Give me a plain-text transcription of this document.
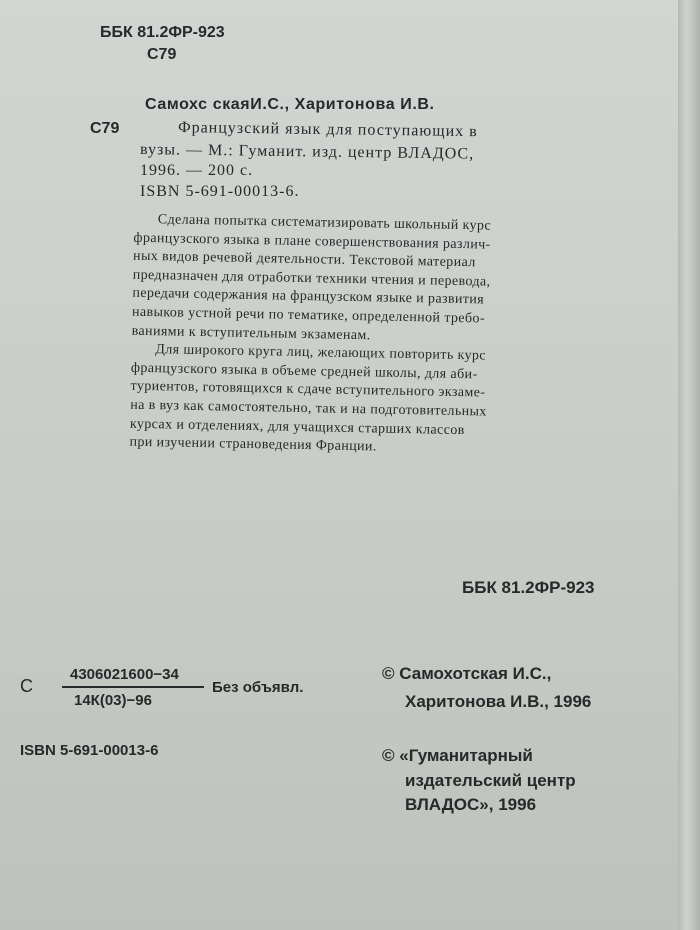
ББК 81.2ФР-923
С79
Самохс скаяИ.С., Харитонова И.В.
С79	Французский язык для поступающих в
вузы. — М.: Гуманит. изд. центр ВЛАДОС,
1996. — 200 с.
ISBN 5-691-00013-6.
Сделана попытка систематизировать школьный курс
французского языка в плане совершенствования различ-
ных видов речевой деятельности. Текстовой материал
предназначен для отработки техники чтения и перевода,
передачи содержания на французском языке и развития
навыков устной речи по тематике, определенной требо-
ваниями к вступительным экзаменам.
Для широкого круга лиц, желающих повторить курс
французского языка в объеме средней школы, для аби-
туриентов, готовящихся к сдаче вступительного экзаме-
на в вуз как самостоятельно, так и на подготовительных
курсах и отделениях, для учащихся старших классов
при изучении страноведения Франции.
ББК 81.2ФР-923
С
4306021600−34
14К(03)−96
Без объявл.
ISBN 5-691-00013-6
© Самохотская И.С.,
Харитонова И.В., 1996
© «Гуманитарный
издательский центр
ВЛАДОС», 1996
